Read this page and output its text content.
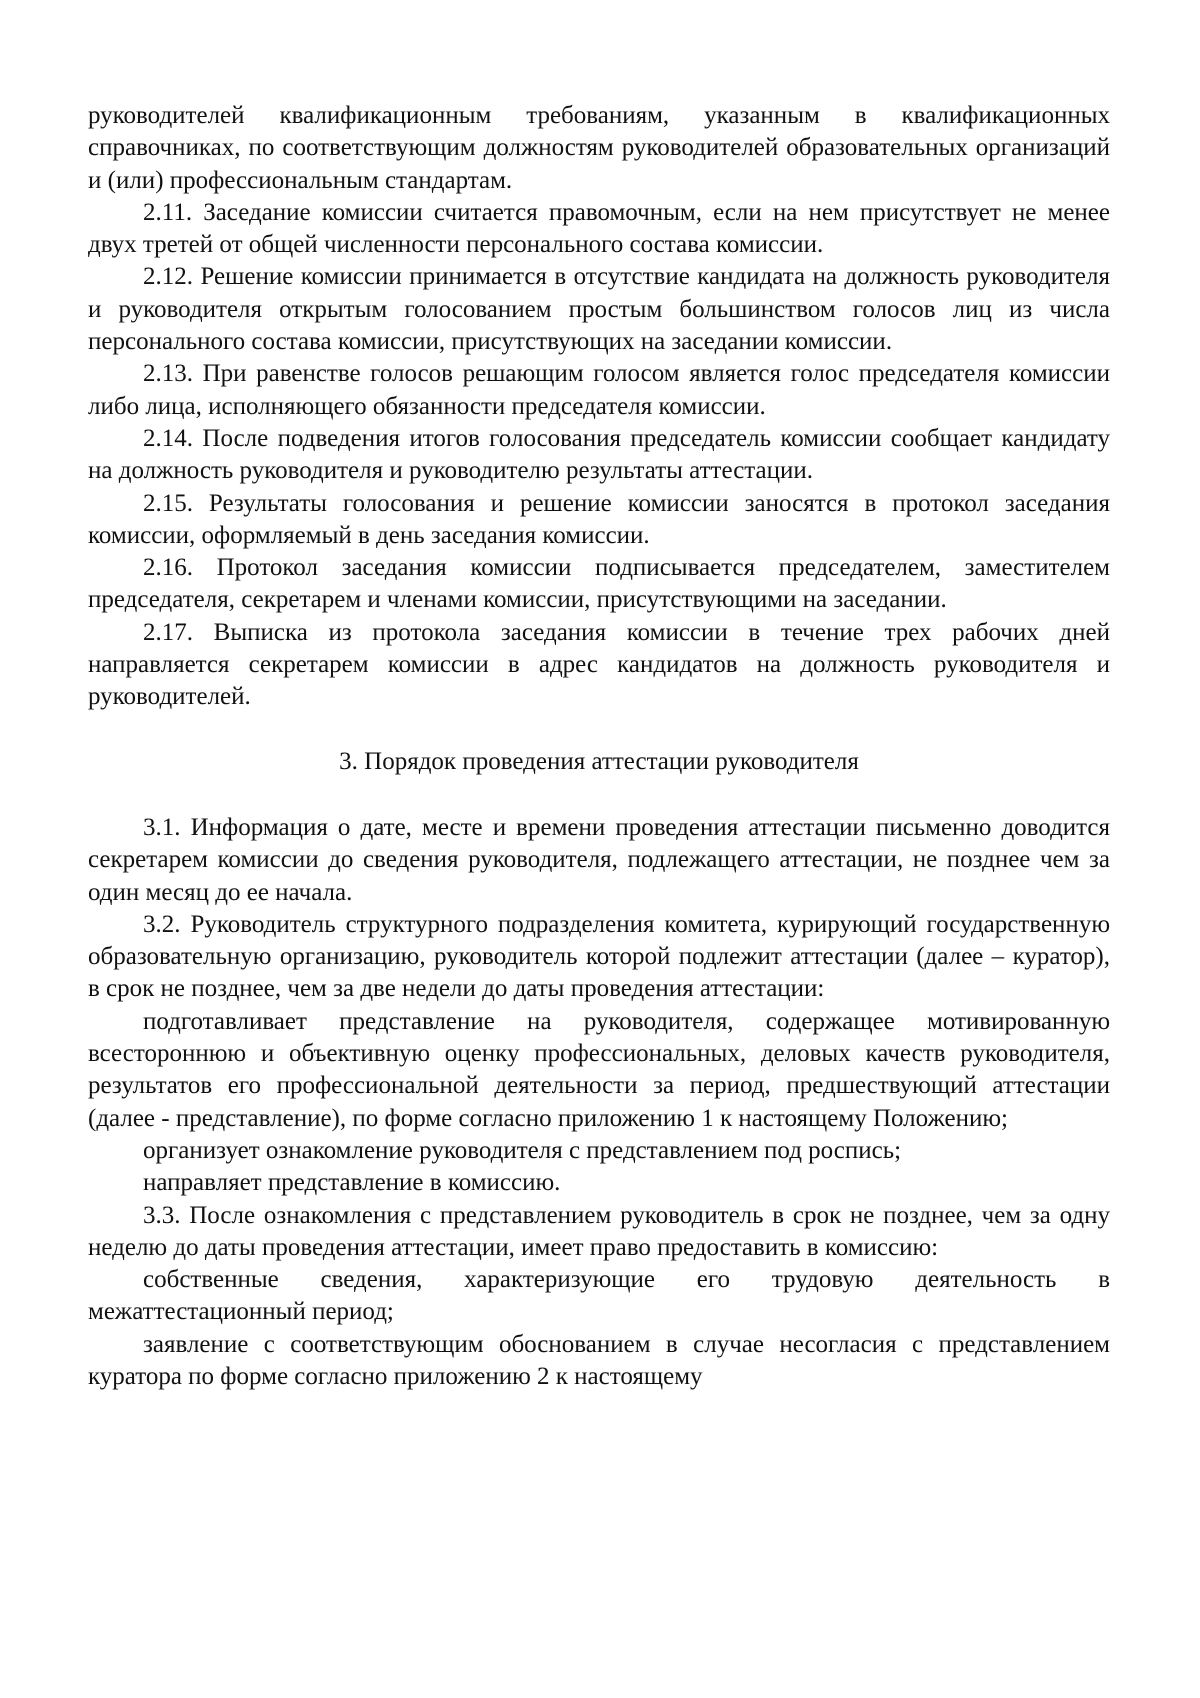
руководителей квалификационным требованиям, указанным в квалификационных справочниках, по соответствующим должностям руководителей образовательных организаций и (или) профессиональным стандартам.

2.11. Заседание комиссии считается правомочным, если на нем присутствует не менее двух третей от общей численности персонального состава комиссии.

2.12. Решение комиссии принимается в отсутствие кандидата на должность руководителя и руководителя открытым голосованием простым большинством голосов лиц из числа персонального состава комиссии, присутствующих на заседании комиссии.

2.13. При равенстве голосов решающим голосом является голос председателя комиссии либо лица, исполняющего обязанности председателя комиссии.

2.14. После подведения итогов голосования председатель комиссии сообщает кандидату на должность руководителя и руководителю результаты аттестации.

2.15. Результаты голосования и решение комиссии заносятся в протокол заседания комиссии, оформляемый в день заседания комиссии.

2.16. Протокол заседания комиссии подписывается председателем, заместителем председателя, секретарем и членами комиссии, присутствующими на заседании.

2.17. Выписка из протокола заседания комиссии в течение трех рабочих дней направляется секретарем комиссии в адрес кандидатов на должность руководителя и руководителей.

3. Порядок проведения аттестации руководителя

3.1. Информация о дате, месте и времени проведения аттестации письменно доводится секретарем комиссии до сведения руководителя, подлежащего аттестации, не позднее чем за один месяц до ее начала.

3.2. Руководитель структурного подразделения комитета, курирующий государственную образовательную организацию, руководитель которой подлежит аттестации (далее – куратор), в срок не позднее, чем за две недели до даты проведения аттестации:

подготавливает представление на руководителя, содержащее мотивированную всестороннюю и объективную оценку профессиональных, деловых качеств руководителя, результатов его профессиональной деятельности за период, предшествующий аттестации (далее - представление), по форме согласно приложению 1 к настоящему Положению;

организует ознакомление руководителя с представлением под роспись;

направляет представление в комиссию.

3.3. После ознакомления с представлением руководитель в срок не позднее, чем за одну неделю до даты проведения аттестации, имеет право предоставить в комиссию:

собственные сведения, характеризующие его трудовую деятельность в межаттестационный период;

заявление с соответствующим обоснованием в случае несогласия с представлением куратора по форме согласно приложению 2 к настоящему
